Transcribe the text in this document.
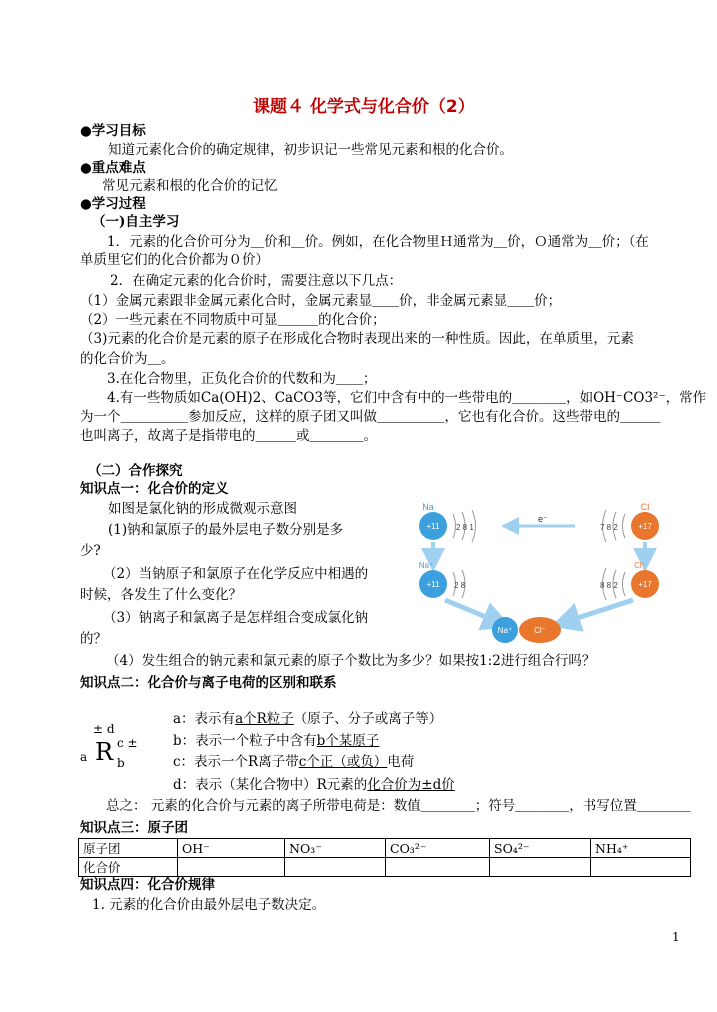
课题４ 化学式与化合价（2）
●学习目标
知道元素化合价的确定规律，初步识记一些常见元素和根的化合价。
●重点难点
常见元素和根的化合价的记忆
●学习过程
（一)自主学习
1．元素的化合价可分为＿价和＿价。例如，在化合物里Ｈ通常为＿价，Ｏ通常为＿价；（在
单质里它们的化合价都为０价）
2．在确定元素的化合价时，需要注意以下几点：
（1）金属元素跟非金属元素化合时，金属元素显＿＿价，非金属元素显＿＿价；
（2）一些元素在不同物质中可显＿＿＿的化合价；
（3)元素的化合价是元素的原子在形成化合物时表现出来的一种性质。因此，在单质里，元素
的化合价为＿。
3.在化合物里，正负化合价的代数和为＿＿；
4.有一些物质如Ca(OH)2、CaCO3等，它们中含有中的一些带电的＿＿＿＿，如OH⁻CO3²⁻，常作
为一个＿＿＿＿＿参加反应，这样的原子团又叫做＿＿＿＿＿，它也有化合价。这些带电的＿＿＿
也叫离子，故离子是指带电的＿＿＿或＿＿＿＿。
（二）合作探究
知识点一：化合价的定义
如图是氯化钠的形成微观示意图
(1)钠和氯原子的最外层电子数分别是多
少?
（2）当钠原子和氯原子在化学反应中相遇的
时候，各发生了什么变化？
（3）钠离子和氯离子是怎样组合变成氯化钠
的？
（4）发生组合的钠元素和氯元素的原子个数比为多少？如果按1:2进行组合行吗？
Na
+11 2 8 1
e⁻
Cl
+17
7 8 2
Na⁺
+11 2 8
Cl⁻
+17
8 8 2
Na⁺	Cl⁻
知识点二：化合价与离子电荷的区别和联系
± d
a R c ±
b
a：表示有a个R粒子（原子、分子或离子等）
b：表示一个粒子中含有b个某原子
c：表示一个R离子带c个正（或负）电荷
d：表示（某化合物中）R元素的化合价为±d价
总之： 元素的化合价与元素的离子所带电荷是：数值＿＿＿＿；符号＿＿＿＿，书写位置＿＿＿＿
知识点三：原子团
原子团	OH⁻	NO₃⁻	CO₃²⁻	SO₄²⁻	NH₄⁺
化合价					
知识点四：化合价规律
1. 元素的化合价由最外层电子数决定。
1
